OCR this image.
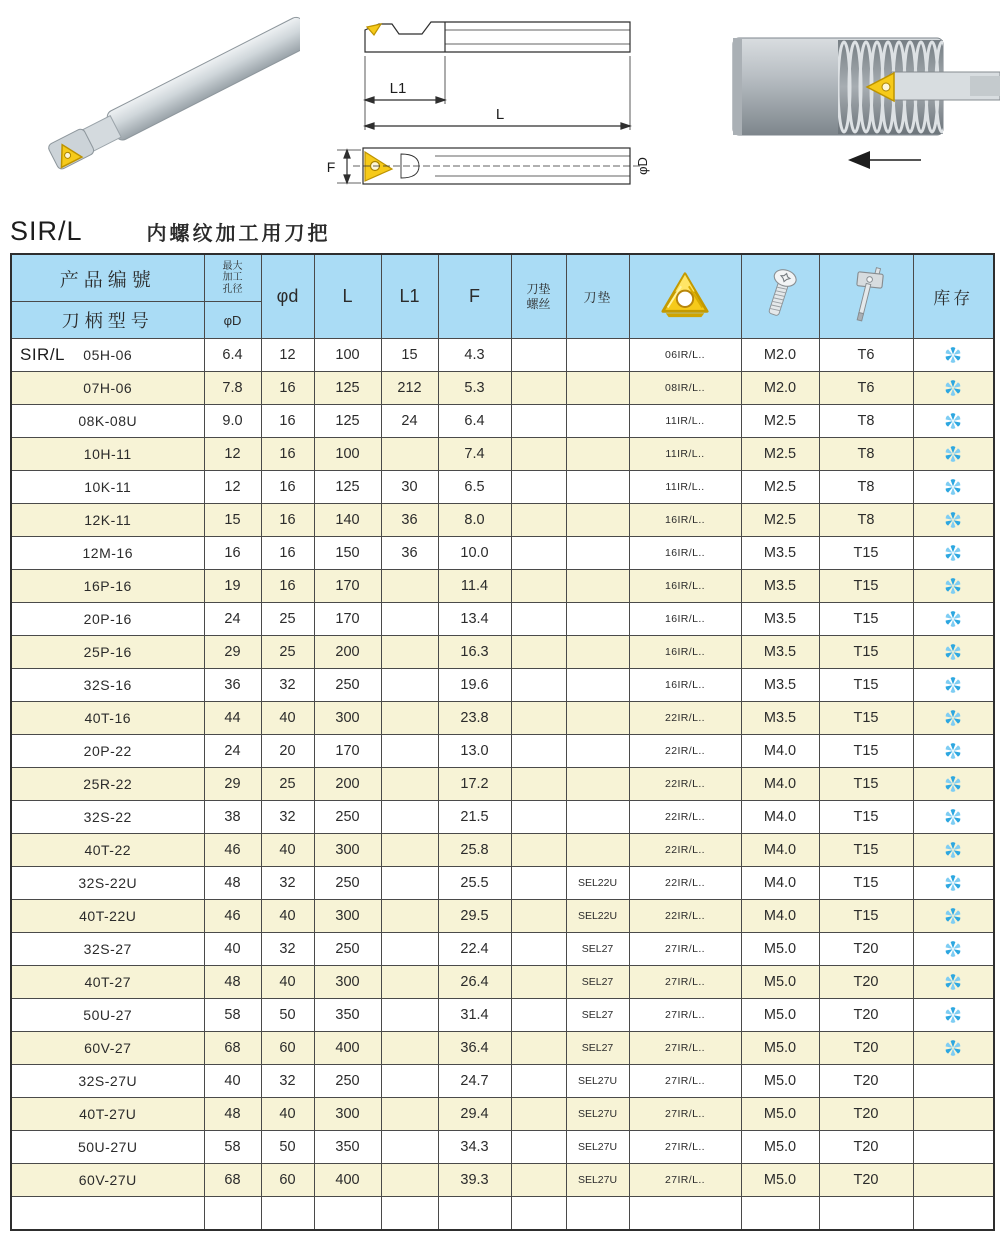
L1
L
F	φD
SIR/L	内螺纹加工用刀把
产品编號	最大加工孔径	φd	L	L1	F	刀垫螺丝	刀垫				库存
刀柄型号	φD										

SIR/L 05H-06	6.4	12	100	15	4.3			06IR/L..	M2.0	T6	
07H-06	7.8	16	125	212	5.3			08IR/L..	M2.0	T6	
08K-08U	9.0	16	125	24	6.4			11IR/L..	M2.5	T8	
10H-11	12	16	100		7.4			11IR/L..	M2.5	T8	
10K-11	12	16	125	30	6.5			11IR/L..	M2.5	T8	
12K-11	15	16	140	36	8.0			16IR/L..	M2.5	T8	
12M-16	16	16	150	36	10.0			16IR/L..	M3.5	T15	
16P-16	19	16	170		11.4			16IR/L..	M3.5	T15	
20P-16	24	25	170		13.4			16IR/L..	M3.5	T15	
25P-16	29	25	200		16.3			16IR/L..	M3.5	T15	
32S-16	36	32	250		19.6			16IR/L..	M3.5	T15	
40T-16	44	40	300		23.8			22IR/L..	M3.5	T15	
20P-22	24	20	170		13.0			22IR/L..	M4.0	T15	
25R-22	29	25	200		17.2			22IR/L..	M4.0	T15	
32S-22	38	32	250		21.5			22IR/L..	M4.0	T15	
40T-22	46	40	300		25.8			22IR/L..	M4.0	T15	
32S-22U	48	32	250		25.5		SEL22U	22IR/L..	M4.0	T15	
40T-22U	46	40	300		29.5		SEL22U	22IR/L..	M4.0	T15	
32S-27	40	32	250		22.4		SEL27	27IR/L..	M5.0	T20	
40T-27	48	40	300		26.4		SEL27	27IR/L..	M5.0	T20	
50U-27	58	50	350		31.4		SEL27	27IR/L..	M5.0	T20	
60V-27	68	60	400		36.4		SEL27	27IR/L..	M5.0	T20	
32S-27U	40	32	250		24.7		SEL27U	27IR/L..	M5.0	T20	
40T-27U	48	40	300		29.4		SEL27U	27IR/L..	M5.0	T20	
50U-27U	58	50	350		34.3		SEL27U	27IR/L..	M5.0	T20	
60V-27U	68	60	400		39.3		SEL27U	27IR/L..	M5.0	T20	
